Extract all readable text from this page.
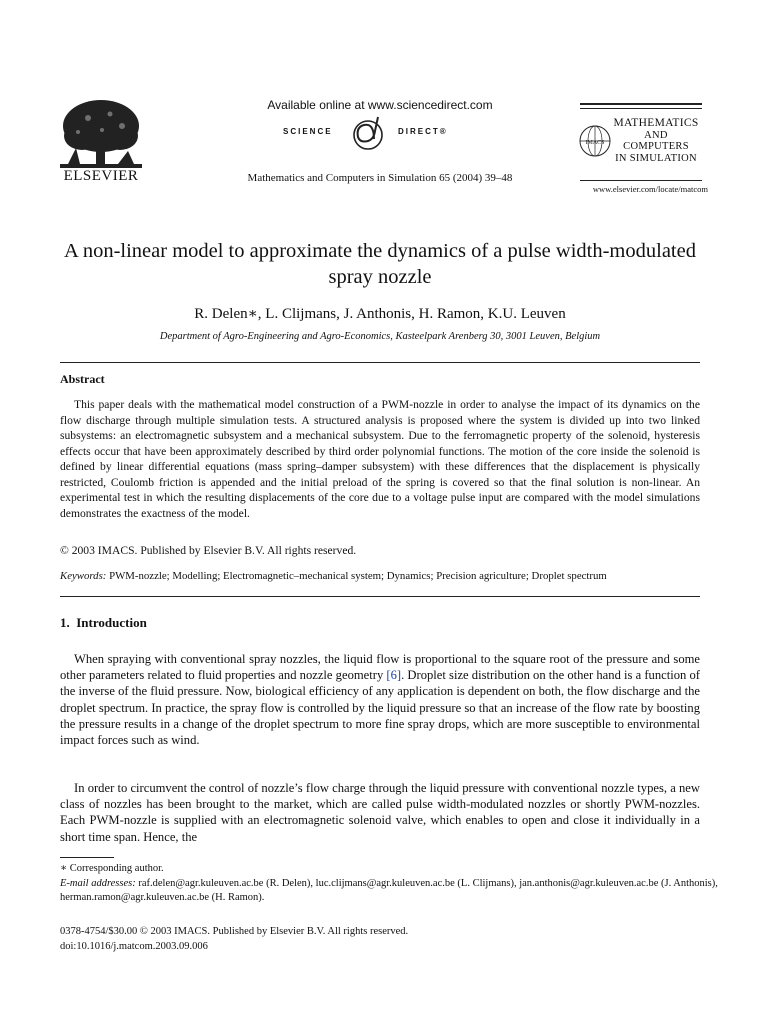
ELSEVIER
Available online at www.sciencedirect.com
SCIENCE	DIRECT®
Mathematics and Computers in Simulation 65 (2004) 39–48
IMACS
MATHEMATICS
AND
COMPUTERS
IN SIMULATION
www.elsevier.com/locate/matcom
A non-linear model to approximate the dynamics of a pulse width-modulated spray nozzle
R. Delen∗, L. Clijmans, J. Anthonis, H. Ramon, K.U. Leuven
Department of Agro-Engineering and Agro-Economics, Kasteelpark Arenberg 30, 3001 Leuven, Belgium
Abstract
This paper deals with the mathematical model construction of a PWM-nozzle in order to analyse the impact of its dynamics on the flow discharge through multiple simulation tests. A structured analysis is proposed where the system is divided up into two linked subsystems: an electromagnetic subsystem and a mechanical subsystem. Due to the ferromagnetic property of the solenoid, hysteresis effects occur that have been approximately described by third order polynomial functions. The motion of the core inside the solenoid is defined by linear differential equations (mass spring–damper subsystem) with these differences that the displacement is physically restricted, Coulomb friction is appended and the initial preload of the spring is covered so that the final solution is non-linear. An experimental test in which the resulting displacements of the core due to a voltage pulse input are compared with the model simulations demonstrates the exactness of the model.
© 2003 IMACS. Published by Elsevier B.V. All rights reserved.
Keywords: PWM-nozzle; Modelling; Electromagnetic–mechanical system; Dynamics; Precision agriculture; Droplet spectrum
1.  Introduction
When spraying with conventional spray nozzles, the liquid flow is proportional to the square root of the pressure and some other parameters related to fluid properties and nozzle geometry [6]. Droplet size distribution on the other hand is a function of the inverse of the fluid pressure. Now, biological efficiency of any application is dependent on both, the flow discharge and the droplet spectrum. In practice, the spray flow is controlled by the liquid pressure so that an increase of the flow rate by boosting the pressure results in a change of the droplet spectrum to more fine spray drops, which are more susceptible to environmental impact forces such as wind.
In order to circumvent the control of nozzle’s flow charge through the liquid pressure with conventional nozzle types, a new class of nozzles has been brought to the market, which are called pulse width-modulated nozzles or shortly PWM-nozzles. Each PWM-nozzle is supplied with an electromagnetic solenoid valve, which enables to open and close it individually in a short time span. Hence, the
∗ Corresponding author.
E-mail addresses: raf.delen@agr.kuleuven.ac.be (R. Delen), luc.clijmans@agr.kuleuven.ac.be (L. Clijmans), jan.anthonis@agr.kuleuven.ac.be (J. Anthonis), herman.ramon@agr.kuleuven.ac.be (H. Ramon).
0378-4754/$30.00 © 2003 IMACS. Published by Elsevier B.V. All rights reserved.
doi:10.1016/j.matcom.2003.09.006
